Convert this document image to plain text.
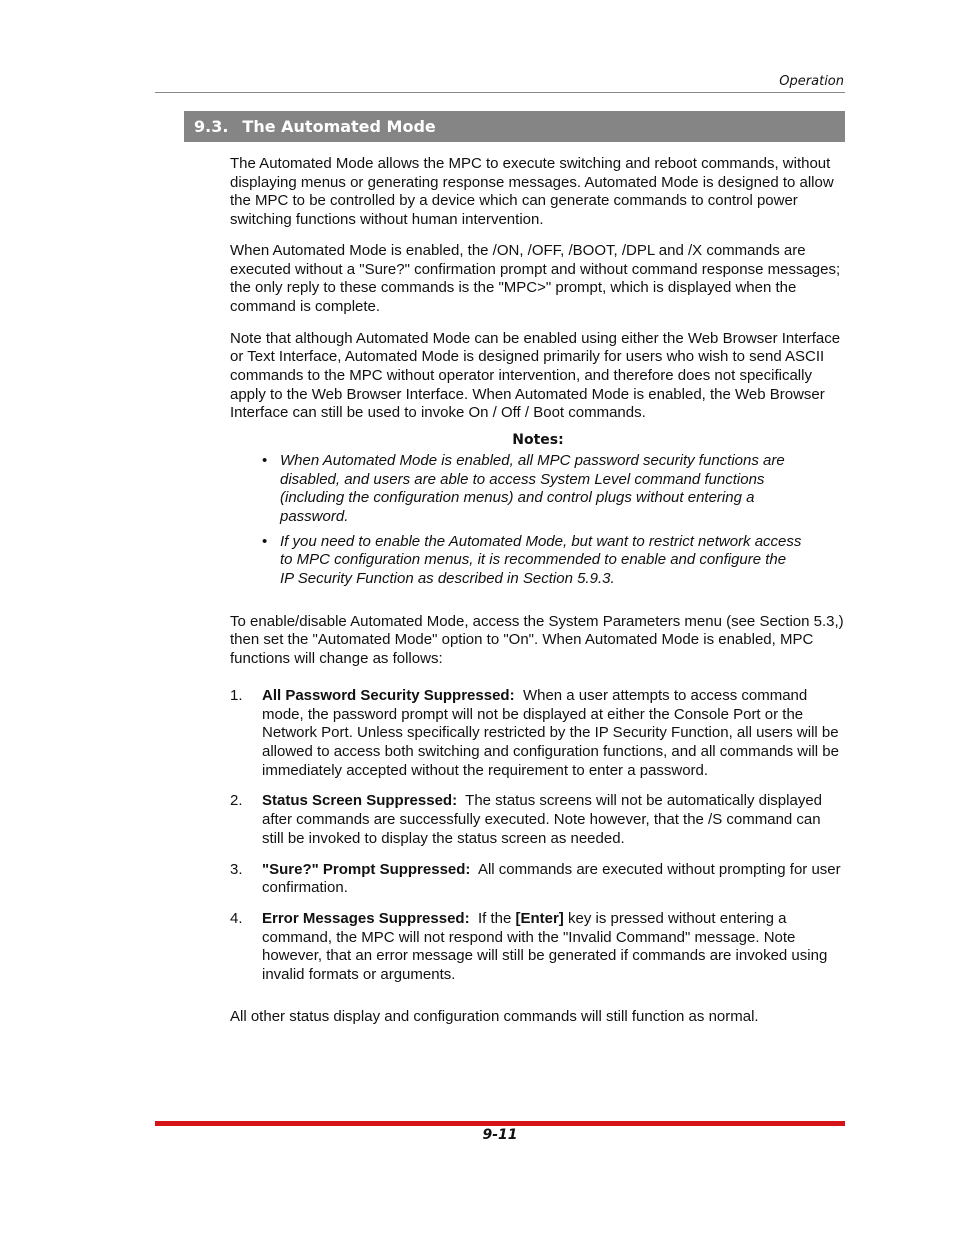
Operation
9.3. The Automated Mode

The Automated Mode allows the MPC to execute switching and reboot commands, without displaying menus or generating response messages. Automated Mode is designed to allow the MPC to be controlled by a device which can generate commands to control power switching functions without human intervention.

When Automated Mode is enabled, the /ON, /OFF, /BOOT, /DPL and /X commands are executed without a "Sure?" confirmation prompt and without command response messages; the only reply to these commands is the "MPC>" prompt, which is displayed when the command is complete.

Note that although Automated Mode can be enabled using either the Web Browser Interface or Text Interface, Automated Mode is designed primarily for users who wish to send ASCII commands to the MPC without operator intervention, and therefore does not specifically apply to the Web Browser Interface. When Automated Mode is enabled, the Web Browser Interface can still be used to invoke On / Off / Boot commands.

Notes:
• When Automated Mode is enabled, all MPC password security functions are disabled, and users are able to access System Level command functions (including the configuration menus) and control plugs without entering a password.
• If you need to enable the Automated Mode, but want to restrict network access to MPC configuration menus, it is recommended to enable and configure the IP Security Function as described in Section 5.9.3.

To enable/disable Automated Mode, access the System Parameters menu (see Section 5.3,) then set the "Automated Mode" option to "On". When Automated Mode is enabled, MPC functions will change as follows:

1. All Password Security Suppressed: When a user attempts to access command mode, the password prompt will not be displayed at either the Console Port or the Network Port. Unless specifically restricted by the IP Security Function, all users will be allowed to access both switching and configuration functions, and all commands will be immediately accepted without the requirement to enter a password.
2. Status Screen Suppressed: The status screens will not be automatically displayed after commands are successfully executed. Note however, that the /S command can still be invoked to display the status screen as needed.
3. "Sure?" Prompt Suppressed: All commands are executed without prompting for user confirmation.
4. Error Messages Suppressed: If the [Enter] key is pressed without entering a command, the MPC will not respond with the "Invalid Command" message. Note however, that an error message will still be generated if commands are invoked using invalid formats or arguments.

All other status display and configuration commands will still function as normal.

9-11
